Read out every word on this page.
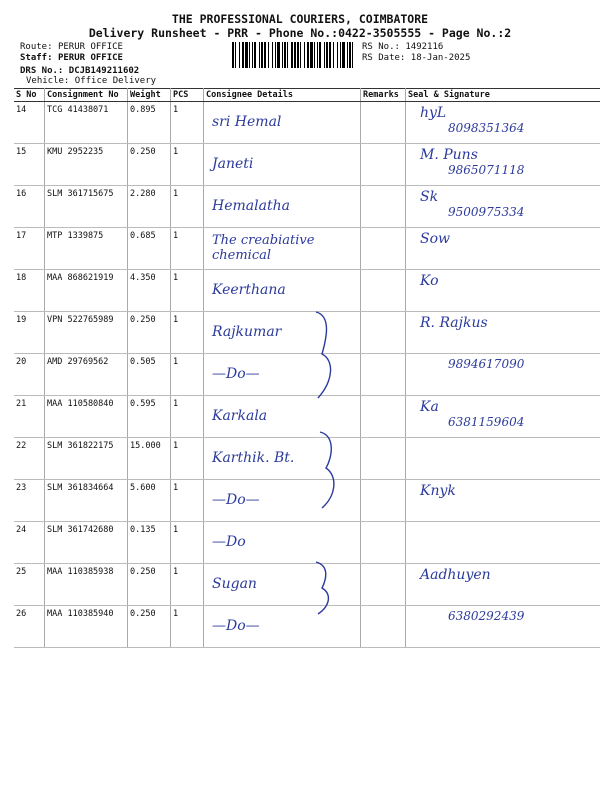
THE PROFESSIONAL COURIERS, COIMBATORE
Delivery Runsheet - PRR - Phone No.:0422-3505555 - Page No.:2
Route: PERUR OFFICE
Staff: PERUR OFFICE
DRS No.: DCJB149211602
Vehicle: Office Delivery
RS No.: 1492116
RS Date: 18-Jan-2025
S No	Consignment No	Weight	PCS	Consignee Details	Remarks	Seal & Signature
14	TCG 41438071	0.895	1	sri Hemal		hyL
8098351364

15	KMU 2952235	0.250	1	Janeti		M. Puns
9865071118

16	SLM 361715675	2.280	1	Hemalatha		Sk
9500975334

17	MTP 1339875	0.685	1	The creabiative chemical		Sow

18	MAA 868621919	4.350	1	Keerthana		Ko

19	VPN 522765989	0.250	1	Rajkumar		R. Rajkus

20	AMD 29769562	0.505	1	—Do—		9894617090

21	MAA 110580840	0.595	1	Karkala		Ka
6381159604

22	SLM 361822175	15.000	1	Karthik. Bt.		

23	SLM 361834664	5.600	1	—Do—		Knyk

24	SLM 361742680	0.135	1	—Do		

25	MAA 110385938	0.250	1	Sugan		Aadhuyen

26	MAA 110385940	0.250	1	—Do—		6380292439
